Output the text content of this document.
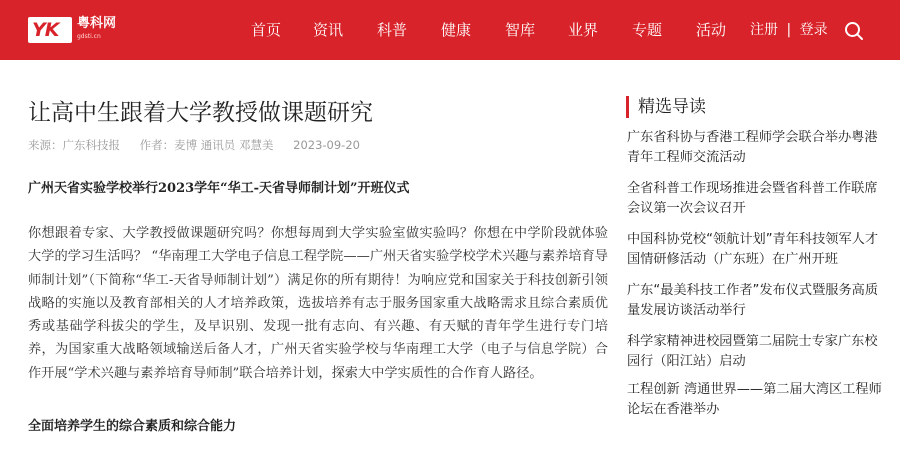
YK 粤科网
gdsti.cn	首页 资讯 科普 健康 智库 业界 专题 活动 注册 | 登录
让高中生跟着大学教授做课题研究
来源：广东科技报 作者：麦博 通讯员 邓慧美 2023-09-20
广州天省实验学校举行2023学年“华工-天省导师制计划”开班仪式

你想跟着专家、大学教授做课题研究吗？你想每周到大学实验室做实验吗？你想在中学阶段就体验大学的学习生活吗？ “华南理工大学电子信息工程学院——广州天省实验学校学术兴趣与素养培育导师制计划”（下简称“华工-天省导师制计划”）满足你的所有期待！为响应党和国家关于科技创新引领战略的实施以及教育部相关的人才培养政策，选拔培养有志于服务国家重大战略需求且综合素质优秀或基础学科拔尖的学生，及早识别、发现一批有志向、有兴趣、有天赋的青年学生进行专门培养，为国家重大战略领域输送后备人才，广州天省实验学校与华南理工大学（电子与信息学院）合作开展“学术兴趣与素养培育导师制”联合培养计划，探索大中学实质性的合作育人路径。

全面培养学生的综合素质和综合能力
精选导读
广东省科协与香港工程师学会联合举办粤港青年工程师交流活动
全省科普工作现场推进会暨省科普工作联席会议第一次会议召开
中国科协党校“领航计划”青年科技领军人才国情研修活动（广东班）在广州开班
广东“最美科技工作者”发布仪式暨服务高质量发展访谈活动举行
科学家精神进校园暨第二届院士专家广东校园行（阳江站）启动
工程创新 湾通世界——第二届大湾区工程师论坛在香港举办
